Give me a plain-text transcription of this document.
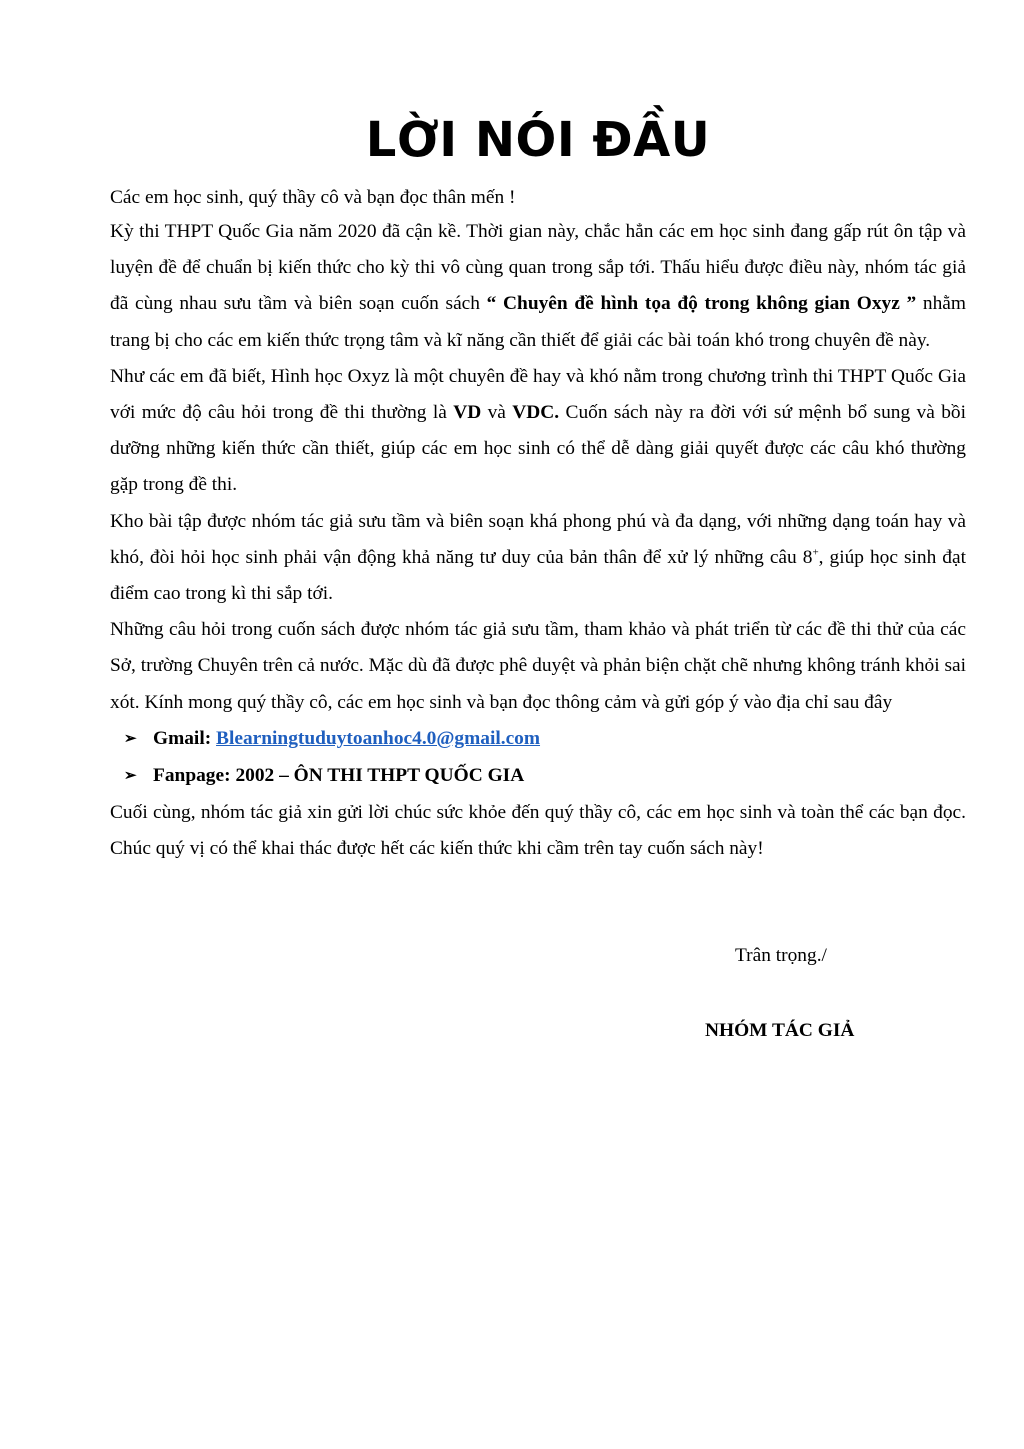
LỜI NÓI ĐẦU

Các em học sinh, quý thầy cô và bạn đọc thân mến !

Kỳ thi THPT Quốc Gia năm 2020 đã cận kề. Thời gian này, chắc hẳn các em học sinh đang gấp rút ôn tập và luyện đề để chuẩn bị kiến thức cho kỳ thi vô cùng quan trong sắp tới. Thấu hiểu được điều này, nhóm tác giả đã cùng nhau sưu tầm và biên soạn cuốn sách “ Chuyên đề hình tọa độ trong không gian Oxyz ” nhằm trang bị cho các em kiến thức trọng tâm và kĩ năng cần thiết để giải các bài toán khó trong chuyên đề này.

Như các em đã biết, Hình học Oxyz là một chuyên đề hay và khó nằm trong chương trình thi THPT Quốc Gia với mức độ câu hỏi trong đề thi thường là VD và VDC. Cuốn sách này ra đời với sứ mệnh bổ sung và bồi dưỡng những kiến thức cần thiết, giúp các em học sinh có thể dễ dàng giải quyết được các câu khó thường gặp trong đề thi.

Kho bài tập được nhóm tác giả sưu tầm và biên soạn khá phong phú và đa dạng, với những dạng toán hay và khó, đòi hỏi học sinh phải vận động khả năng tư duy của bản thân để xử lý những câu 8+, giúp học sinh đạt điểm cao trong kì thi sắp tới.

Những câu hỏi trong cuốn sách được nhóm tác giả sưu tầm, tham khảo và phát triển từ các đề thi thử của các Sở, trường Chuyên trên cả nước. Mặc dù đã được phê duyệt và phản biện chặt chẽ nhưng không tránh khỏi sai xót. Kính mong quý thầy cô, các em học sinh và bạn đọc thông cảm và gửi góp ý vào địa chỉ sau đây

➢ Gmail:
Blearningtuduytoanhoc4.0@gmail.com
➢ Fanpage:
2002 – ÔN THI THPT QUỐC GIA

Cuối cùng, nhóm tác giả xin gửi lời chúc sức khỏe đến quý thầy cô, các em học sinh và toàn thể các bạn đọc. Chúc quý vị có thể khai thác được hết các kiến thức khi cầm trên tay cuốn sách này!

Trân trọng./
NHÓM TÁC GIẢ
